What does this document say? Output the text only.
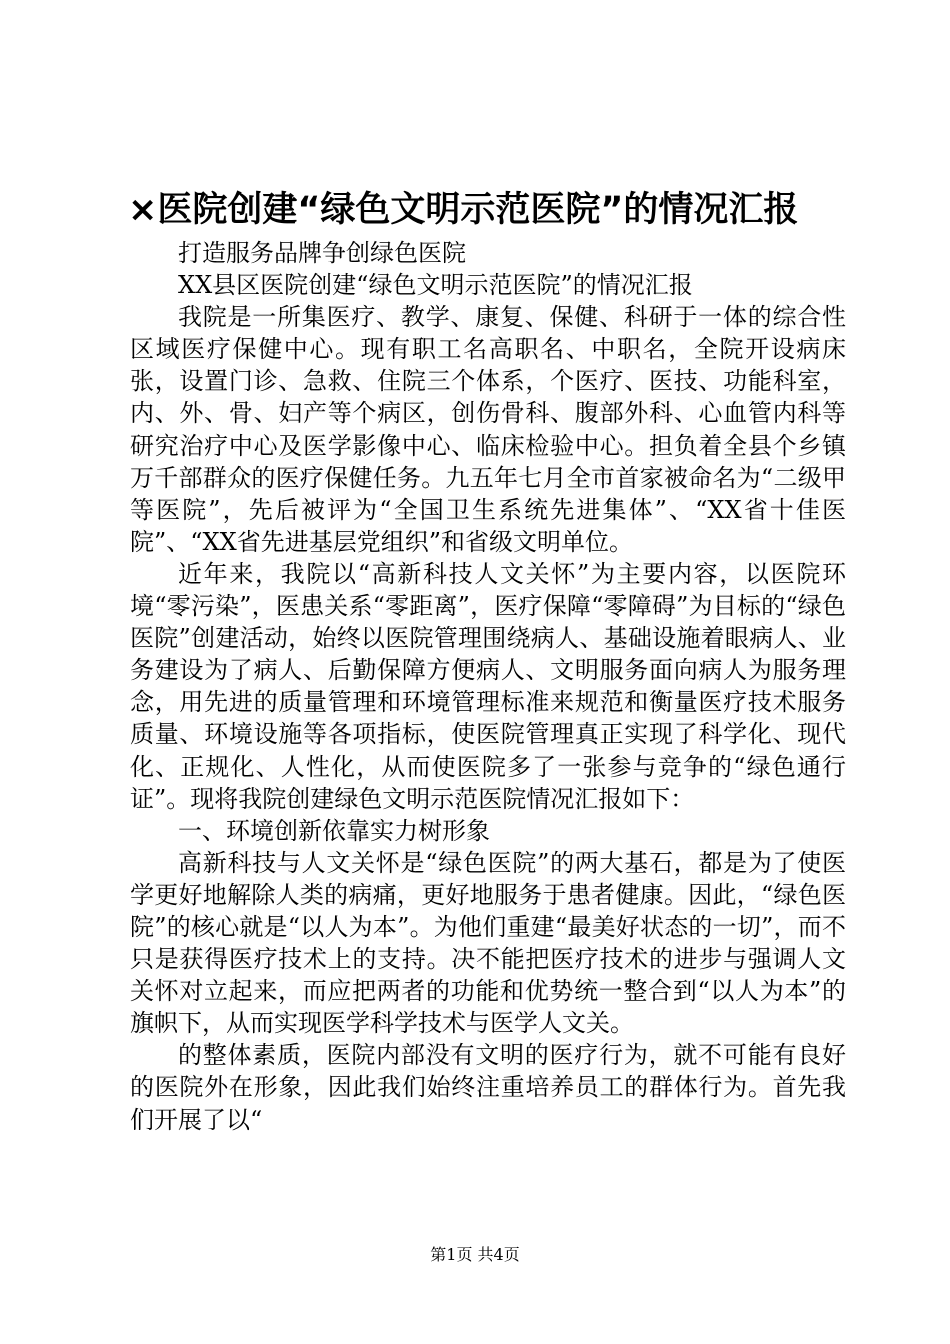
×医院创建“绿色文明示范医院”的情况汇报

打造服务品牌争创绿色医院

XX县区医院创建“绿色文明示范医院”的情况汇报

我院是一所集医疗、教学、康复、保健、科研于一体的综合性区域医疗保健中心。现有职工名高职名、中职名，全院开设病床张，设置门诊、急救、住院三个体系，个医疗、医技、功能科室，内、外、骨、妇产等个病区，创伤骨科、腹部外科、心血管内科等研究治疗中心及医学影像中心、临床检验中心。担负着全县个乡镇万千部群众的医疗保健任务。九五年七月全市首家被命名为“二级甲等医院”，先后被评为“全国卫生系统先进集体”、“XX省十佳医院”、“XX省先进基层党组织”和省级文明单位。

近年来，我院以“高新科技人文关怀”为主要内容，以医院环境“零污染”，医患关系“零距离”，医疗保障“零障碍”为目标的“绿色医院”创建活动，始终以医院管理围绕病人、基础设施着眼病人、业务建设为了病人、后勤保障方便病人、文明服务面向病人为服务理念，用先进的质量管理和环境管理标准来规范和衡量医疗技术服务质量、环境设施等各项指标，使医院管理真正实现了科学化、现代化、正规化、人性化，从而使医院多了一张参与竞争的“绿色通行证”。现将我院创建绿色文明示范医院情况汇报如下：

一、环境创新依靠实力树形象

高新科技与人文关怀是“绿色医院”的两大基石，都是为了使医学更好地解除人类的病痛，更好地服务于患者健康。因此，“绿色医院”的核心就是“以人为本”。为他们重建“最美好状态的一切”，而不只是获得医疗技术上的支持。决不能把医疗技术的进步与强调人文关怀对立起来，而应把两者的功能和优势统一整合到“以人为本”的旗帜下，从而实现医学科学技术与医学人文关。

的整体素质，医院内部没有文明的医疗行为，就不可能有良好的医院外在形象，因此我们始终注重培养员工的群体行为。首先我们开展了以“

第1页 共4页
